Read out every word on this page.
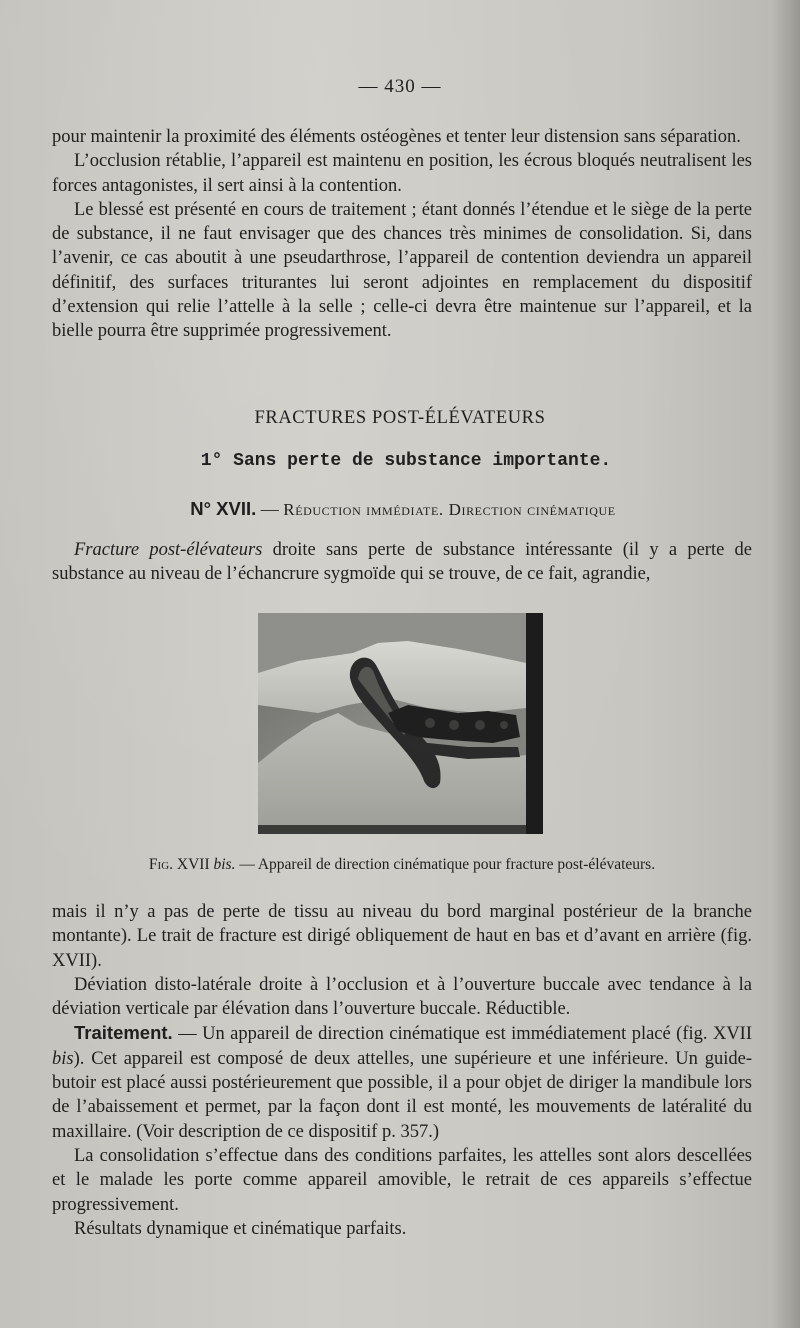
— 430 —

pour maintenir la proximité des éléments ostéogènes et tenter leur distension sans séparation.

L’occlusion rétablie, l’appareil est maintenu en position, les écrous bloqués neutralisent les forces antagonistes, il sert ainsi à la contention.

Le blessé est présenté en cours de traitement ; étant donnés l’étendue et le siège de la perte de substance, il ne faut envisager que des chances très minimes de consolidation. Si, dans l’avenir, ce cas aboutit à une pseudarthrose, l’appareil de contention deviendra un appareil définitif, des surfaces triturantes lui seront adjointes en remplacement du dispositif d’extension qui relie l’attelle à la selle ; celle-ci devra être maintenue sur l’appareil, et la bielle pourra être supprimée progressivement.

FRACTURES POST-ÉLÉVATEURS
1° Sans perte de substance importante.
N° XVII. — Réduction immédiate. Direction cinématique

Fracture post-élévateurs droite sans perte de substance intéressante (il y a perte de substance au niveau de l’échancrure sygmoïde qui se trouve, de ce fait, agrandie,

Fig. XVII bis. — Appareil de direction cinématique pour fracture post-élévateurs.

mais il n’y a pas de perte de tissu au niveau du bord marginal postérieur de la branche montante). Le trait de fracture est dirigé obliquement de haut en bas et d’avant en arrière (fig. XVII).

Déviation disto-latérale droite à l’occlusion et à l’ouverture buccale avec tendance à la déviation verticale par élévation dans l’ouverture buccale. Réductible.

Traitement. — Un appareil de direction cinématique est immédiatement placé (fig. XVII bis). Cet appareil est composé de deux attelles, une supérieure et une inférieure. Un guide-butoir est placé aussi postérieurement que possible, il a pour objet de diriger la mandibule lors de l’abaissement et permet, par la façon dont il est monté, les mouvements de latéralité du maxillaire. (Voir description de ce dispositif p. 357.)

La consolidation s’effectue dans des conditions parfaites, les attelles sont alors descellées et le malade les porte comme appareil amovible, le retrait de ces appareils s’effectue progressivement.

Résultats dynamique et cinématique parfaits.
